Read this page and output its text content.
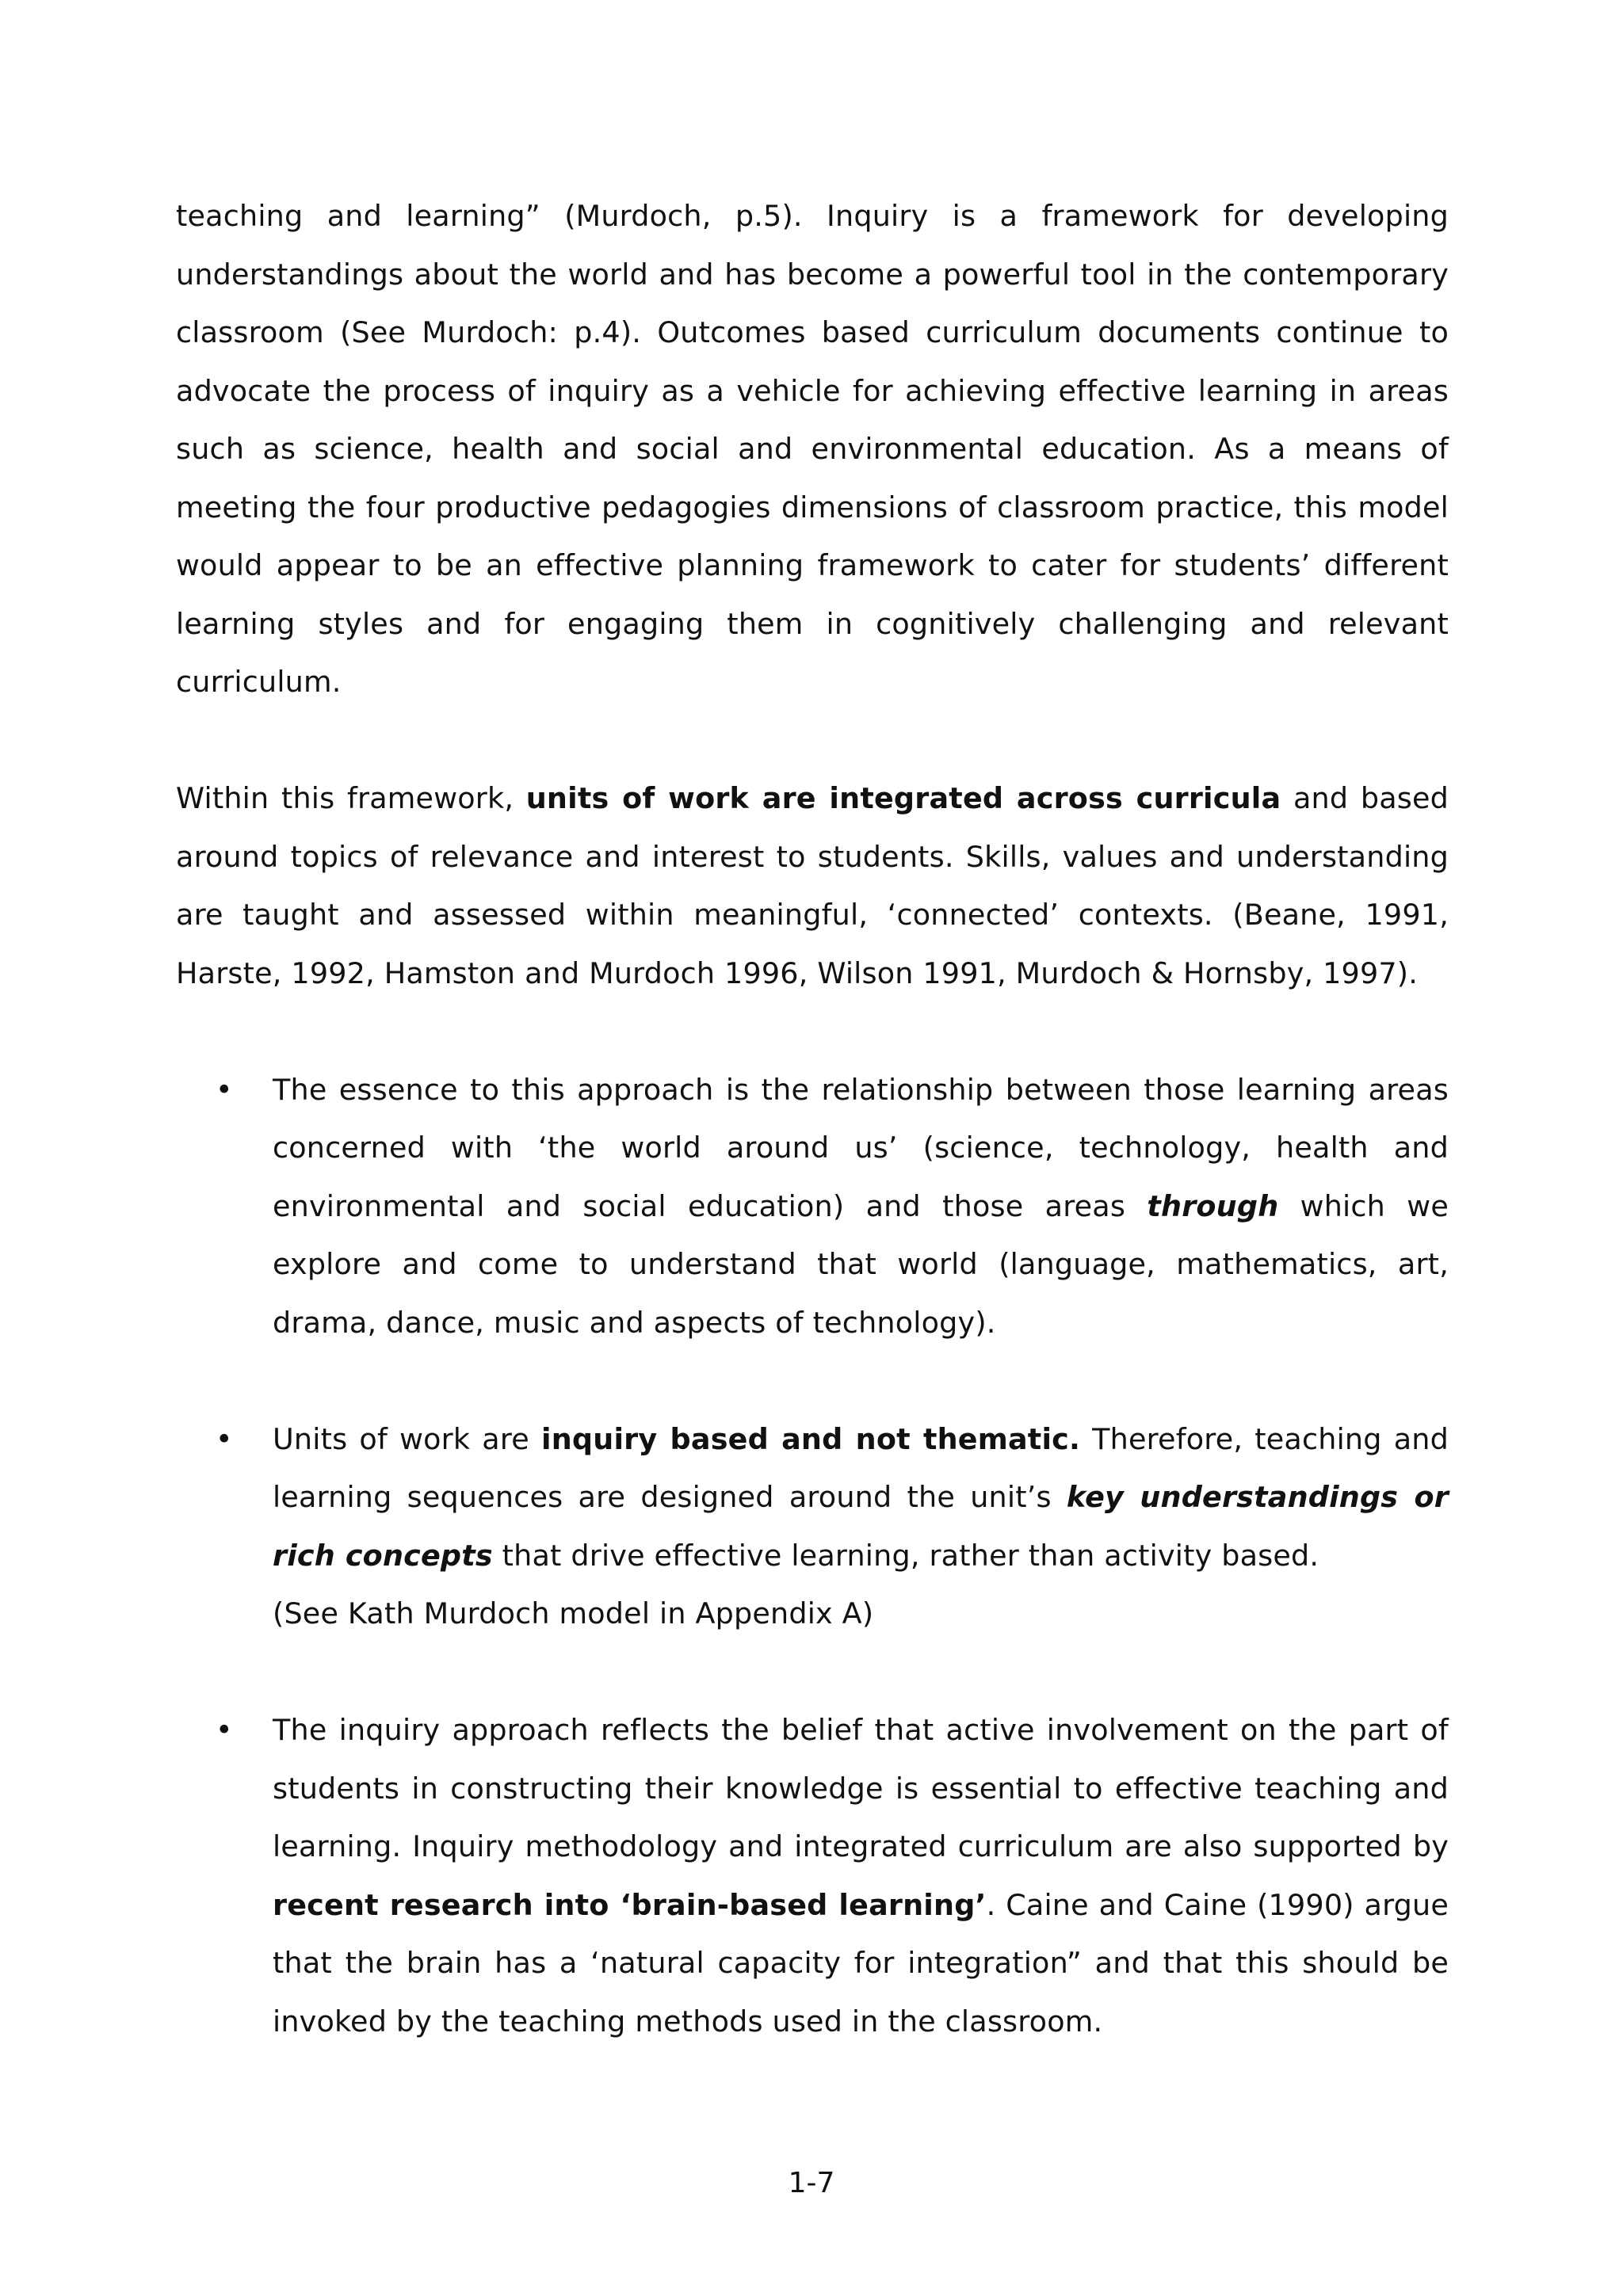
teaching and learning” (Murdoch, p.5). Inquiry is a framework for developing understandings about the world and has become a powerful tool in the contemporary classroom (See Murdoch: p.4). Outcomes based curriculum documents continue to advocate the process of inquiry as a vehicle for achieving effective learning in areas such as science, health and social and environmental education. As a means of meeting the four productive pedagogies dimensions of classroom practice, this model would appear to be an effective planning framework to cater for students’ different learning styles and for engaging them in cognitively challenging and relevant curriculum.

Within this framework, units of work are integrated across curricula and based around topics of relevance and interest to students. Skills, values and understanding are taught and assessed within meaningful, ‘connected’ contexts. (Beane, 1991, Harste, 1992, Hamston and Murdoch 1996, Wilson 1991, Murdoch & Hornsby, 1997).

• The essence to this approach is the relationship between those learning areas concerned with ‘the world around us’ (science, technology, health and environmental and social education) and those areas through which we explore and come to understand that world (language, mathematics, art, drama, dance, music and aspects of technology).
• Units of work are inquiry based and not thematic. Therefore, teaching and learning sequences are designed around the unit’s key understandings or rich concepts that drive effective learning, rather than activity based.
(See Kath Murdoch model in Appendix A)
• The inquiry approach reflects the belief that active involvement on the part of students in constructing their knowledge is essential to effective teaching and learning. Inquiry methodology and integrated curriculum are also supported by recent research into ‘brain-based learning’. Caine and Caine (1990) argue that the brain has a ‘natural capacity for integration” and that this should be invoked by the teaching methods used in the classroom.
1-7
